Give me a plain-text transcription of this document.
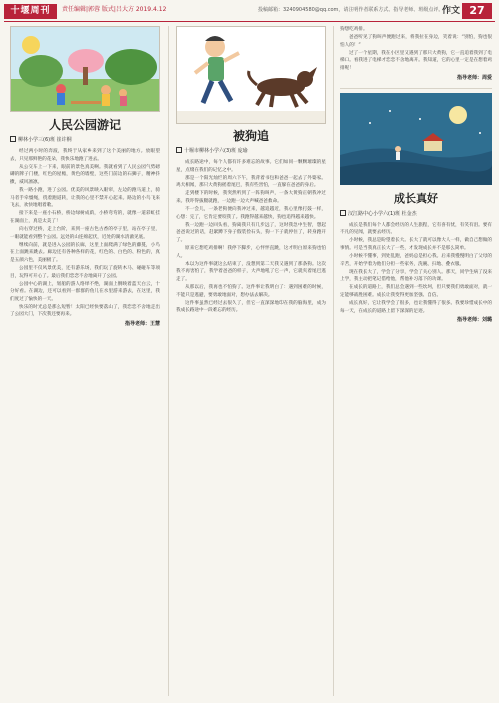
十堰周刊	责任编辑|郭蓉 版式|吕大方 2019.4.12	投稿邮箱：3240904580@qq.com，请注明作者联系方式、指导老师、班级点评。
作文 27
人民公园游记
柳林小学三(6)班 崔许桐

经过两小时的奔波，我终于从家乡来到了这个美丽的地方。放眼望去，只见那鲜艳的花朵，我快乐地跑了进去。

从公交车上一下来，眼前的景色真美啊。我就看到了人民公园气势磅礴的牌子门楼，红色的屋檐，黄色的墙壁，这些门前边的石狮子，精神抖擞，威风凛凛。

我一路小跑，进了公园。优美的风景映入眼帘，左边的跑马道上，骑马者手牵缰绳，绕着跑道转，让我的心里不禁开心起来。路边的小鸟飞来飞去，欢快地唱着歌。

接下来是一座小石桥，桥边绿树成荫，小桥弯弯的，就像一道彩虹挂在湖面上，真是太美了！

向右穿过桥，走上台阶，来到一座古色古香的亭子里，站在亭子里，一眼就能看到整个公园。远处的山连绵起伏，近处的湖水清澈见底。

继续向前，就是进入公园的长廊，这里上面爬满了绿色的藤蔓，小鸟在上面跳来跳去。廊边还有各种各样的花，红色的、白色的、粉色的，真是五颜六色，美丽极了。

公园里不仅风景优美，还有游乐场，我们玩了旋转木马、碰碰车等项目，玩得可开心了。最后我们恋恋不舍地离开了公园。

公园中心的湖上，划船的游人络绎不绝，湖面上倒映着蓝天白云，十分好看。在湖边，还可以看到一群群的鱼儿在水里游来游去，在这里，我们度过了愉快的一天。

快乐的时光总是那么短暂！太阳已经快要落山了，我恋恋不舍地走出了公园大门，下次我还要再来。

指导老师：王慧
被狗追
十堰市柳林小学六(3)班 庞瑜

成长路途中，每个人都有许多难忘的故事。它们如同一颗颗璀璨的星星，点缀在我们的记忆之中。

那是一个阳光灿烂的周六下午，我背着书包和爸爸一起去了外婆家。鸡犬相闻，那只大黄狗摇着尾巴，我有些害怕，一直躲在爸爸的身后。

走到楼下的时候，我突然听到了一阵狗叫声，一条大黄狗正朝我冲过来。我吓得拔腿就跑，一边跑一边大声喊爸爸救命。

不一会儿，一条老狗便向我冲过来，越追越近，我心里像打鼓一样，心想：完了，它肯定要咬我了。我跑得越来越快，狗也追得越来越快。

我一边跑一边回头看，狗离我只有几步远了，这时我急中生智，想起爸爸说过的话，赶紧蹲下身子假装捡石头，狗一下子就停住了，转身跑开了。

原来它想吃鸡排啊！我停下脚步，心怦怦直跳，这才明白原来狗也怕人。

本以为这件事就这么结束了，没想到第二天我又遇到了那条狗。这次我不再害怕了，我学着爸爸的样子，大声地吼了它一声，它就夹着尾巴逃走了。

从那以后，我再也不怕狗了。这件事让我明白了：遇到困难的时候，不能只是逃避，要勇敢地面对，想办法去解决。

这件事虽然已经过去很久了，但它一直深深地印在我的脑海里，成为我成长路途中一段难忘的经历。

狗想吃鸡排。

爸爸听见了狗叫声便跑过来，将我拉在身边，笑着说：“别怕，狗也很怕人的！”

过了一个星期，我在小区里又遇到了那只大黄狗，它一直追着我到了电梯口。看我进了电梯才恋恋不舍地离开。我知道，它的心里一定是在想着鸡排呢！

指导老师：周爱
成长真好
汉江路中心小学六(1)班 杜金杰

成长是我们每个人都会经历的人生旅程，它有喜有忧，有笑有泪。要有不凡的见闻，就要去经历。

小时候，我总是盼望着长大。长大了就可以像大人一样，做自己想做的事情。可是当我真正长大了一些，才发现成长并不是那么简单。

小时候不懂事，到处乱跑，爸妈总是担心我。后来我慢慢明白了父母的辛苦，开始学着为他们分担一些家务，洗碗、扫地、叠衣服。

现在我长大了，学会了分享，学会了关心别人。那天，同学生病了没来上学，我主动把笔记借给他，帮他补习落下的功课。

在成长的道路上，我们总会遇到一些坎坷，但只要我们勇敢面对，就一定能够战胜困难。成长让我变得更加坚强、自信。

成长真好，它让我学会了很多，也让我懂得了很多。我要珍惜成长中的每一天，在成长的道路上留下深深的足迹。

指导老师：刘璐
